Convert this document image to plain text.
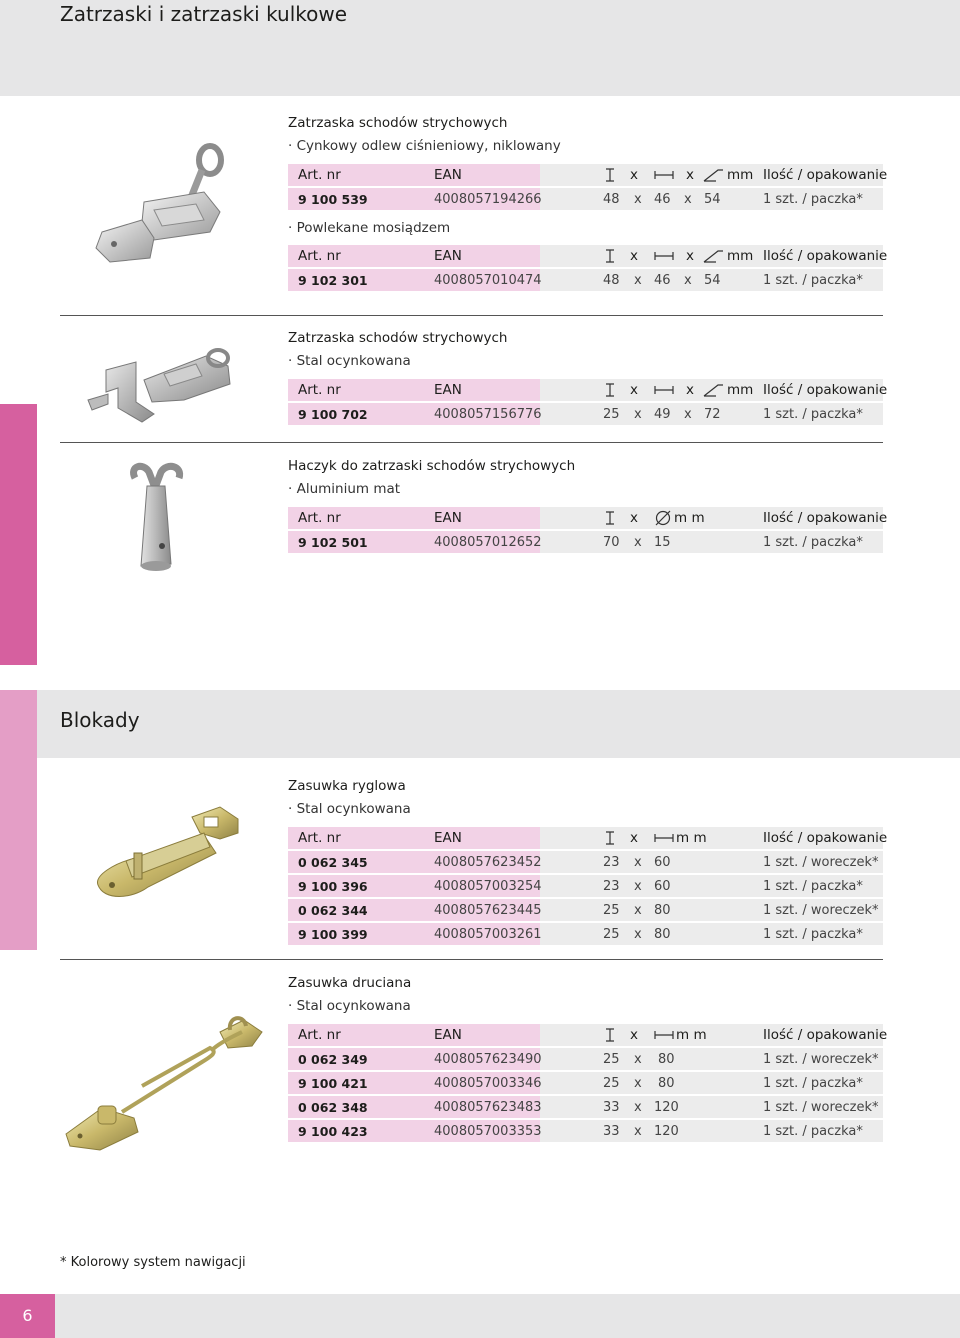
Zatrzaski i zatrzaski kulkowe
Blokady
Zatrzaska schodów strychowych
· Cynkowy odlew ciśnieniowy, niklowany
Art. nr	EAN	x	x mm Ilość / opakowanie
9 100 539	4008057194266	48 x 46 x 54	1 szt. / paczka*
· Powlekane mosiądzem
Art. nr	EAN	x	x mm Ilość / opakowanie
9 102 301	4008057010474	48 x 46 x 54	1 szt. / paczka*
Zatrzaska schodów strychowych
· Stal ocynkowana
Art. nr	EAN	x	x mm Ilość / opakowanie
9 100 702	4008057156776	25 x 49 x 72	1 szt. / paczka*
Haczyk do zatrzaski schodów strychowych
· Aluminium mat
Art. nr	EAN	x	m m	Ilość / opakowanie
9 102 501	4008057012652	70 x 15	1 szt. / paczka*
Zasuwka ryglowa
· Stal ocynkowana
Art. nr	EAN	x	m m	Ilość / opakowanie
0 062 345	4008057623452	23 x 60	1 szt. / woreczek*
9 100 396	4008057003254	23 x 60	1 szt. / paczka*
0 062 344	4008057623445	25 x 80	1 szt. / woreczek*
9 100 399	4008057003261	25 x 80	1 szt. / paczka*
Zasuwka druciana
· Stal ocynkowana
Art. nr	EAN	x	m m	Ilość / opakowanie
0 062 349	4008057623490	25 x 80	1 szt. / woreczek*
9 100 421	4008057003346	25 x 80	1 szt. / paczka*
0 062 348	4008057623483	33 x 120	1 szt. / woreczek*
9 100 423	4008057003353	33 x 120	1 szt. / paczka*
* Kolorowy system nawigacji
6
